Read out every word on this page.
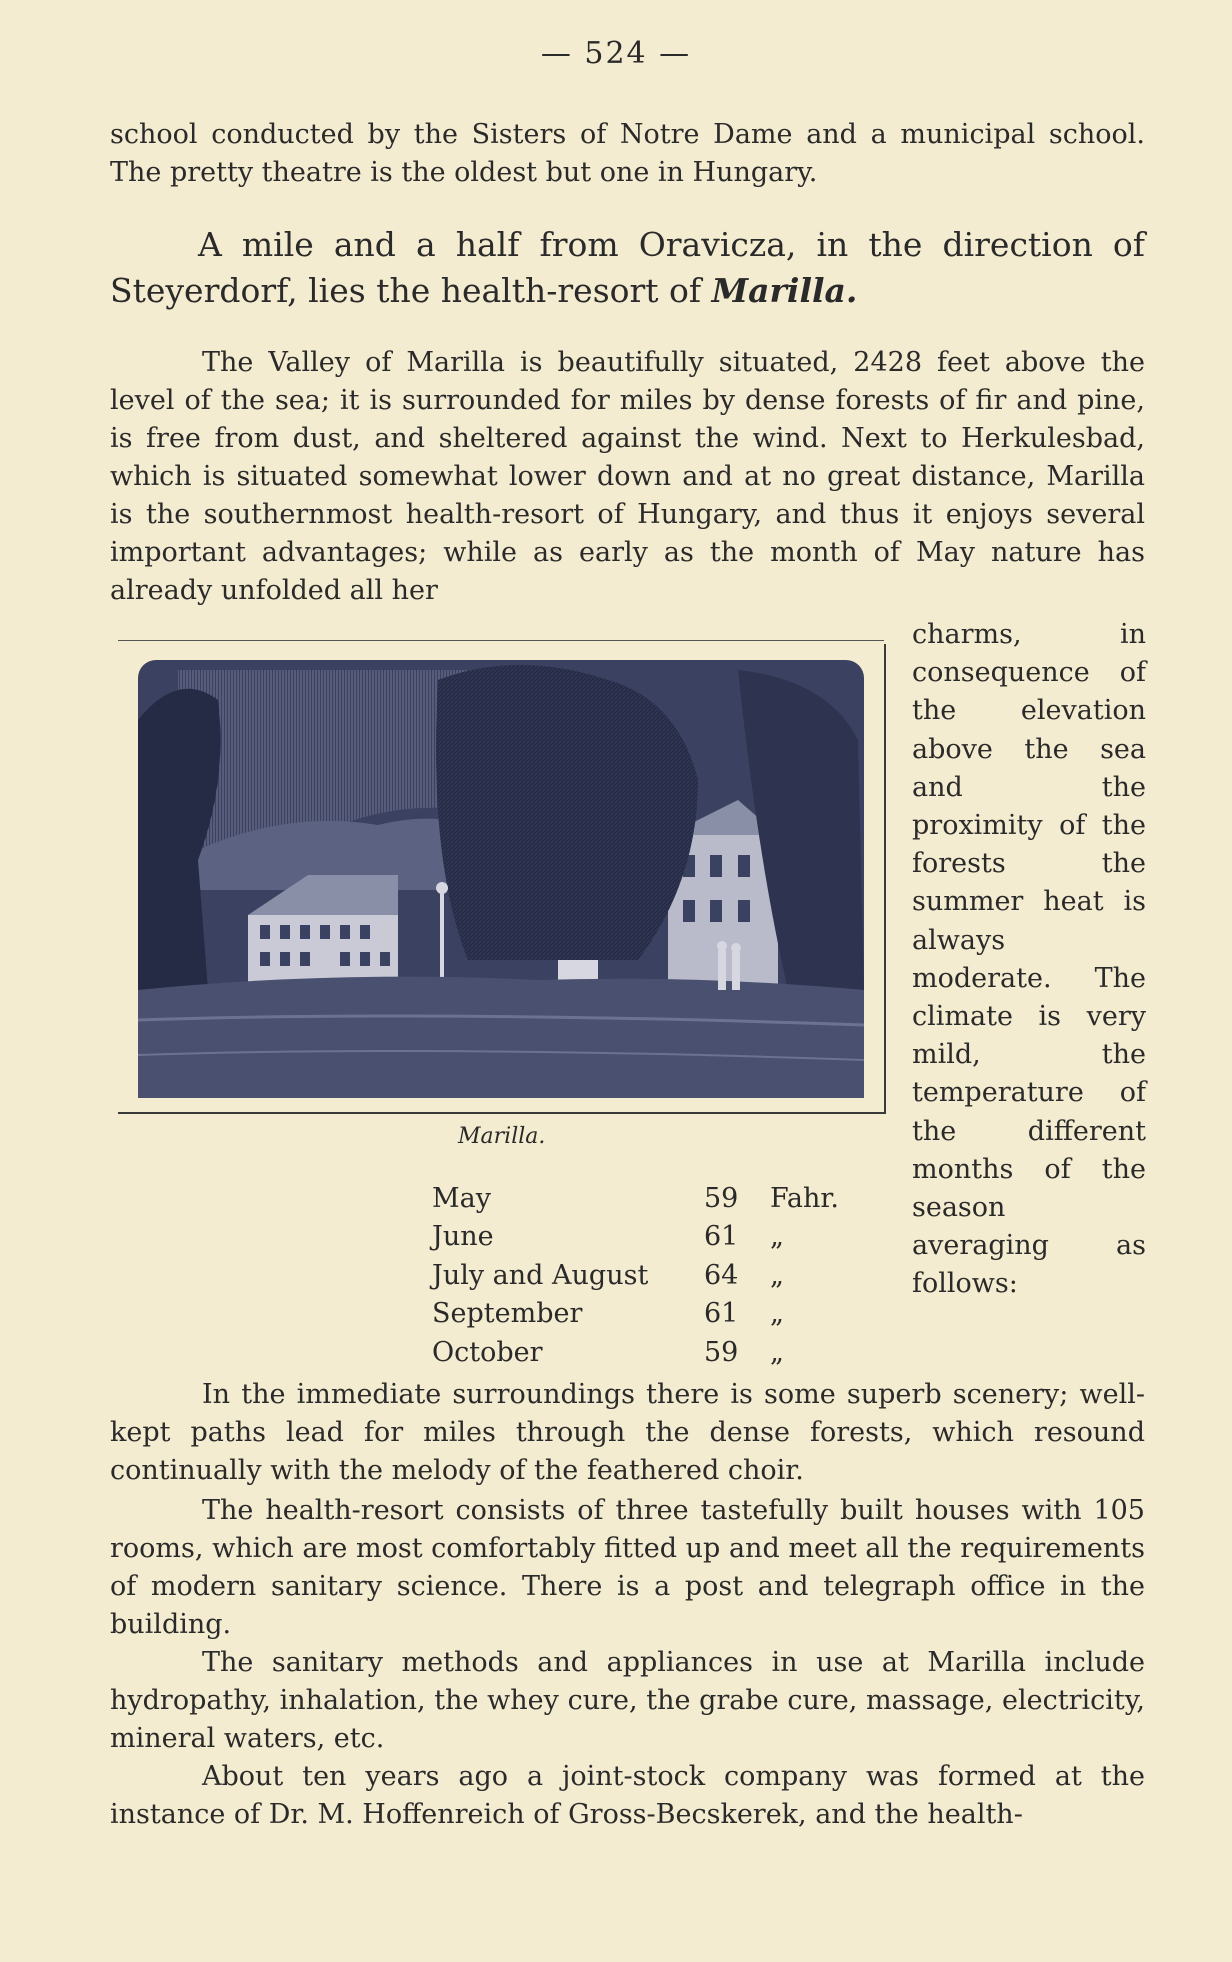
— 524 —

school conducted by the Sisters of Notre Dame and a municipal school. The pretty theatre is the oldest but one in Hungary.

A mile and a half from Oravicza, in the direction of Steyerdorf, lies the health-resort of Marilla.

The Valley of Marilla is beautifully situated, 2428 feet above the level of the sea; it is surrounded for miles by dense forests of fir and pine, is free from dust, and sheltered against the wind. Next to Herkulesbad, which is situated somewhat lower down and at no great distance, Marilla is the southernmost health-resort of Hungary, and thus it enjoys several important advantages; while as early as the month of May nature has already unfolded all her

charms, in consequence of the elevation above the sea and the proximity of the forests the summer heat is always moderate. The climate is very mild, the temperature of the different months of the season averaging as follows:

Marilla.
May	59	Fahr.
June	61	„
July and August	64	„
September	61	„
October	59	„

In the immediate surroundings there is some superb scenery; well-kept paths lead for miles through the dense forests, which resound continually with the melody of the feathered choir.

The health-resort consists of three tastefully built houses with 105 rooms, which are most comfortably fitted up and meet all the requirements of modern sanitary science. There is a post and telegraph office in the building.

The sanitary methods and appliances in use at Marilla include hydropathy, inhalation, the whey cure, the grabe cure, massage, electricity, mineral waters, etc.

About ten years ago a joint-stock company was formed at the instance of Dr. M. Hoffenreich of Gross-Becskerek, and the health-
